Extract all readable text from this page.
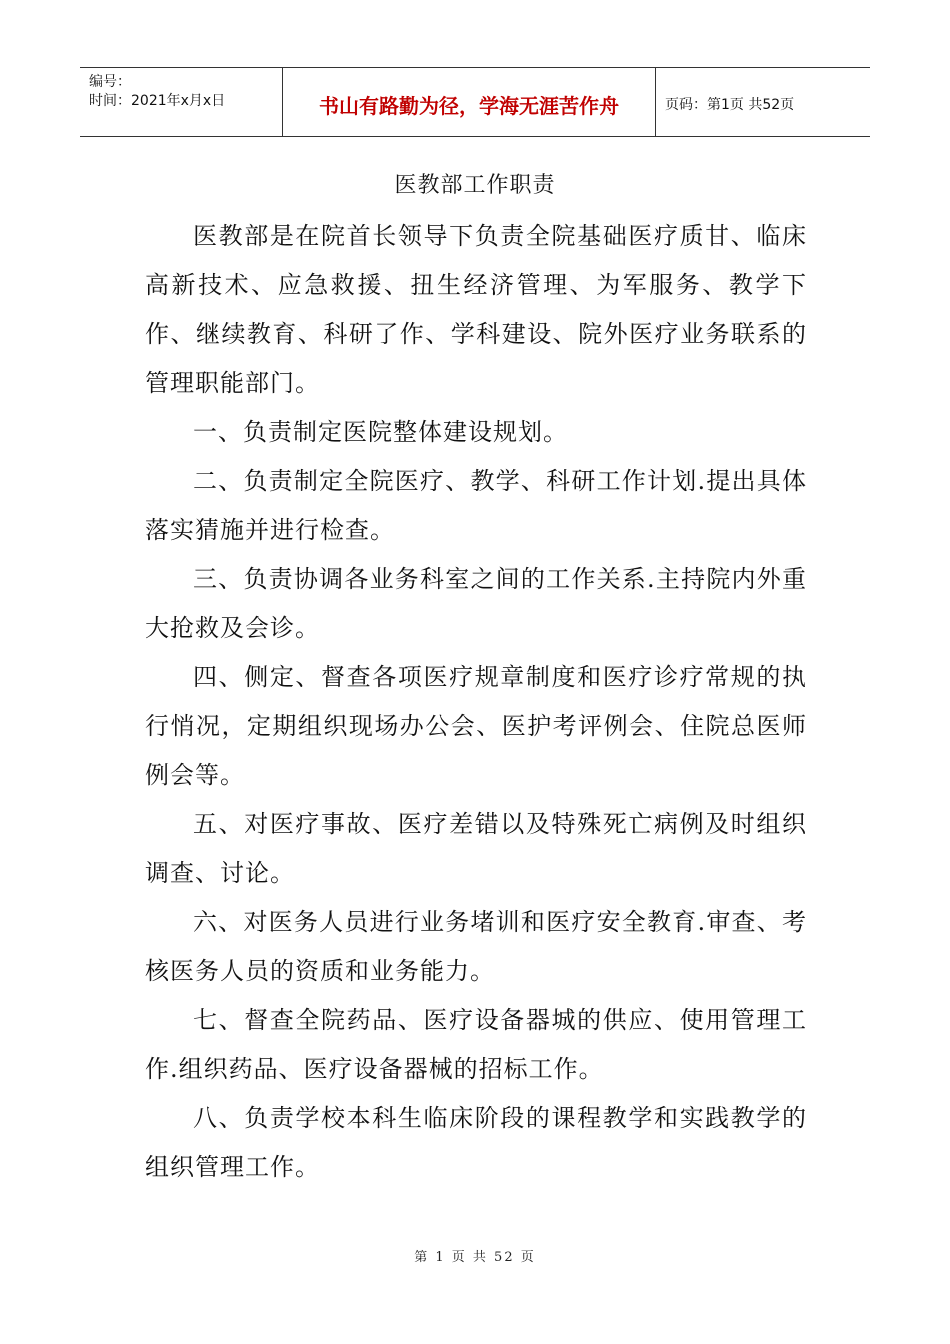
编号：
时间：2021年x月x日	书山有路勤为径，学海无涯苦作舟	页码：第1页 共52页
医教部工作职责

医教部是在院首长领导下负责全院基础医疗质甘、临床高新技术、应急救援、扭生经济管理、为军服务、教学下作、继续教育、科研了作、学科建设、院外医疗业务联系的管理职能部门。

一、负责制定医院整体建设规划。

二、负责制定全院医疗、教学、科研工作计划.提出具体落实猜施并进行检查。

三、负责协调各业务科室之间的工作关系.主持院内外重大抢救及会诊。

四、侧定、督查各项医疗规章制度和医疗诊疗常规的执行悄况，定期组织现场办公会、医护考评例会、住院总医师例会等。

五、对医疗事故、医疗差错以及特殊死亡病例及时组织调查、讨论。

六、对医务人员进行业务堵训和医疗安全教育.审查、考核医务人员的资质和业务能力。

七、督查全院药品、医疗设备器城的供应、使用管理工作.组织药品、医疗设备器械的招标工作。

八、负责学校本科生临床阶段的课程教学和实践教学的组织管理工作。

第 1 页 共 52 页
